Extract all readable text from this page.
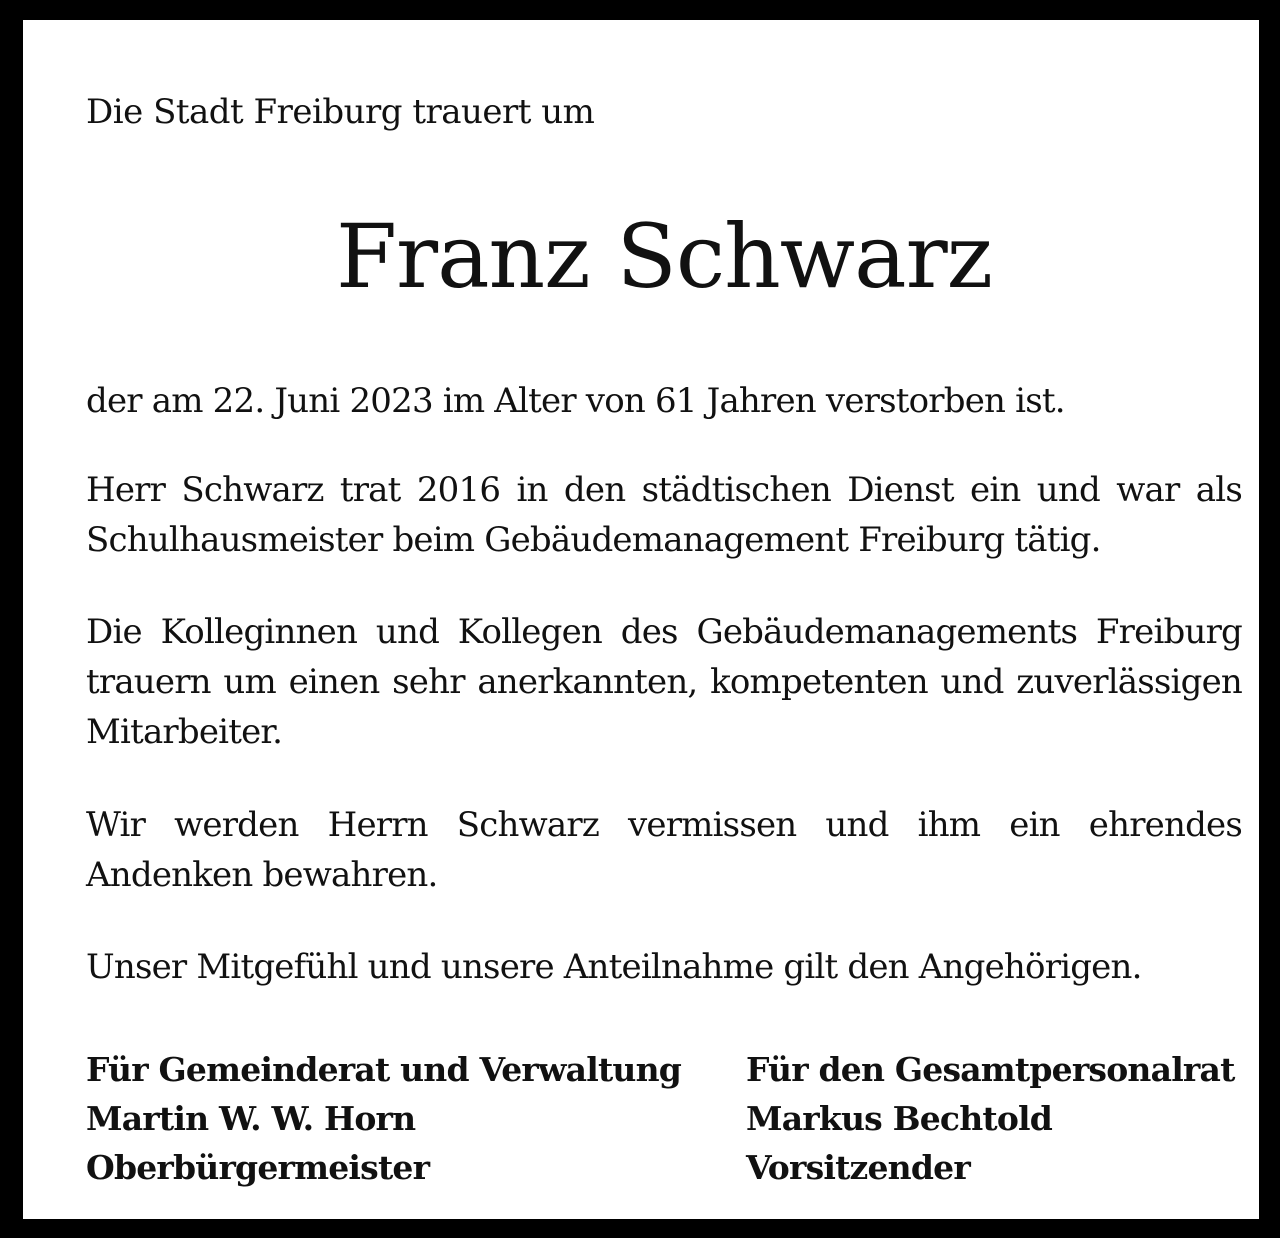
Die Stadt Freiburg trauert um
Franz Schwarz
der am 22. Juni 2023 im Alter von 61 Jahren verstorben ist.
Herr Schwarz trat 2016 in den städtischen Dienst ein und war als Schulhausmeister beim Gebäudemanagement Freiburg tätig.
Die Kolleginnen und Kollegen des Gebäudemanagements Freiburg trauern um einen sehr anerkannten, kompetenten und zuverlässigen Mitarbeiter.
Wir werden Herrn Schwarz vermissen und ihm ein ehrendes Andenken bewahren.
Unser Mitgefühl und unsere Anteilnahme gilt den Angehörigen.
Für Gemeinderat und Verwaltung
Martin W. W. Horn
Oberbürgermeister
Für den Gesamtpersonalrat
Markus Bechtold
Vorsitzender
